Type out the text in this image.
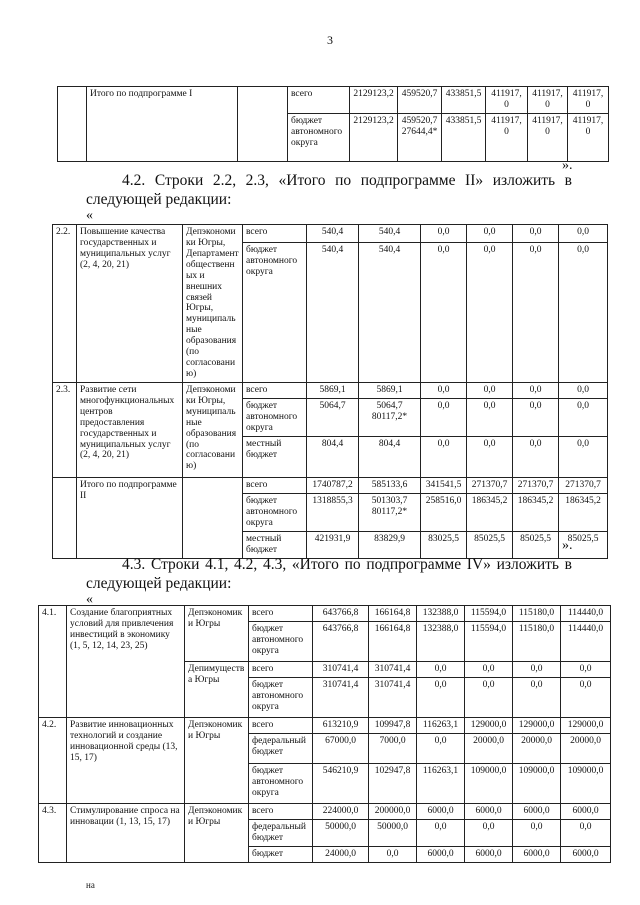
3
	Итого по подпрограмме I		всего	2129123,2	459520,7	433851,5	411917,0	411917,0	411917,0
			бюджет автономного округа	2129123,2	459520,7 27644,4*	433851,5	411917,0	411917,0	411917,0
».
4.2. Строки 2.2, 2.3, «Итого по подпрограмме II» изложить в
следующей редакции:
«
2.2.	Повышение качества государственных и муниципальных услуг (2, 4, 20, 21)	Депэкономики Югры, Департамент общественных и внешних связей Югры, муниципальные образования (по согласованию)	всего	540,4	540,4	0,0	0,0	0,0	0,0
			бюджет автономного округа	540,4	540,4	0,0	0,0	0,0	0,0
2.3.	Развитие сети многофункциональных центров предоставления государственных и муниципальных услуг (2, 4, 20, 21)	Депэкономики Югры, муниципальные образования (по согласованию)	всего	5869,1	5869,1	0,0	0,0	0,0	0,0
			бюджет автономного округа	5064,7	5064,7 80117,2*	0,0	0,0	0,0	0,0
			местный бюджет	804,4	804,4	0,0	0,0	0,0	0,0
	Итого по подпрограмме II		всего	1740787,2	585133,6	341541,5	271370,7	271370,7	271370,7
			бюджет автономного округа	1318855,3	501303,7 80117,2*	258516,0	186345,2	186345,2	186345,2
			местный бюджет	421931,9	83829,9	83025,5	85025,5	85025,5	85025,5
».
4.3. Строки 4.1, 4.2, 4.3, «Итого по подпрограмме IV» изложить в
следующей редакции:
«
4.1.	Создание благоприятных условий для привлечения инвестиций в экономику (1, 5, 12, 14, 23, 25)	Депэкономики Югры	всего	643766,8	166164,8	132388,0	115594,0	115180,0	114440,0
			бюджет автономного округа	643766,8	166164,8	132388,0	115594,0	115180,0	114440,0
		Депимущества Югры	всего	310741,4	310741,4	0,0	0,0	0,0	0,0
			бюджет автономного округа	310741,4	310741,4	0,0	0,0	0,0	0,0
4.2.	Развитие инновационных технологий и создание инновационной среды (13, 15, 17)	Депэкономики Югры	всего	613210,9	109947,8	116263,1	129000,0	129000,0	129000,0
			федеральный бюджет	67000,0	7000,0	0,0	20000,0	20000,0	20000,0
			бюджет автономного округа	546210,9	102947,8	116263,1	109000,0	109000,0	109000,0
4.3.	Стимулирование спроса на инновации (1, 13, 15, 17)	Депэкономики Югры	всего	224000,0	200000,0	6000,0	6000,0	6000,0	6000,0
			федеральный бюджет	50000,0	50000,0	0,0	0,0	0,0	0,0
			бюджет	24000,0	0,0	6000,0	6000,0	6000,0	6000,0
на
